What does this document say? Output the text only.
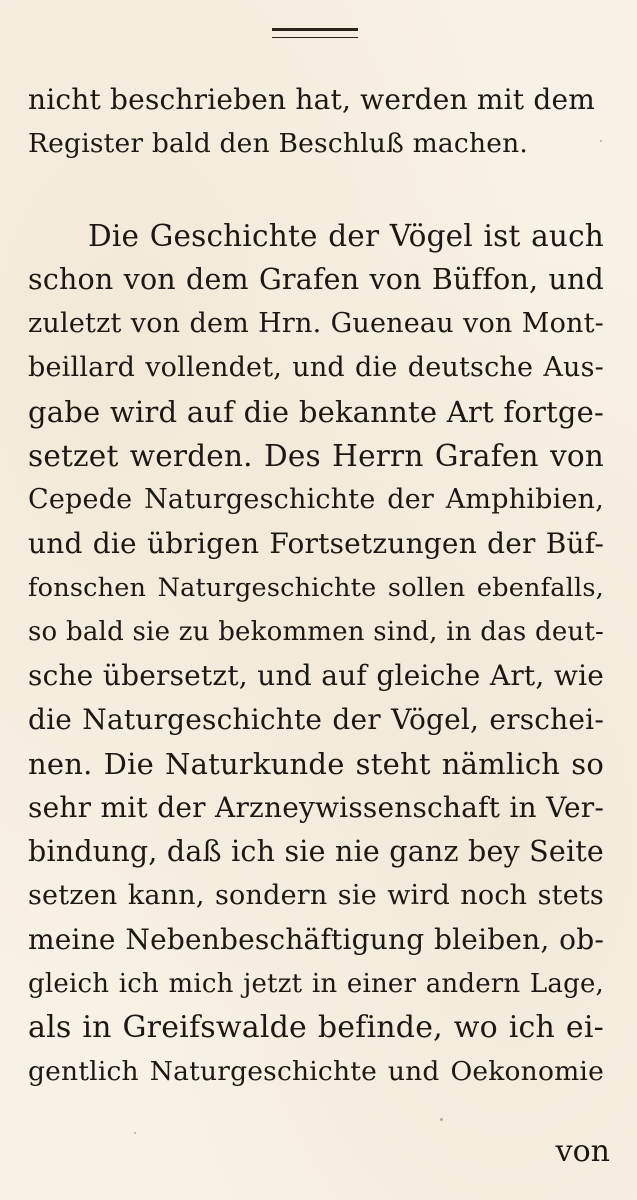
nicht beschrieben hat, werden mit dem
Register bald den Beschluß machen.
Die Geschichte der Vögel ist auch
schon von dem Grafen von Büffon, und
zuletzt von dem Hrn. Gueneau von Mont-
beillard vollendet, und die deutsche Aus-
gabe wird auf die bekannte Art fortge-
setzet werden. Des Herrn Grafen von
Cepede Naturgeschichte der Amphibien,
und die übrigen Fortsetzungen der Büf-
fonschen Naturgeschichte sollen ebenfalls,
so bald sie zu bekommen sind, in das deut-
sche übersetzt, und auf gleiche Art, wie
die Naturgeschichte der Vögel, erschei-
nen. Die Naturkunde steht nämlich so
sehr mit der Arzneywissenschaft in Ver-
bindung, daß ich sie nie ganz bey Seite
setzen kann, sondern sie wird noch stets
meine Nebenbeschäftigung bleiben, ob-
gleich ich mich jetzt in einer andern Lage,
als in Greifswalde befinde, wo ich ei-
gentlich Naturgeschichte und Oekonomie
von
